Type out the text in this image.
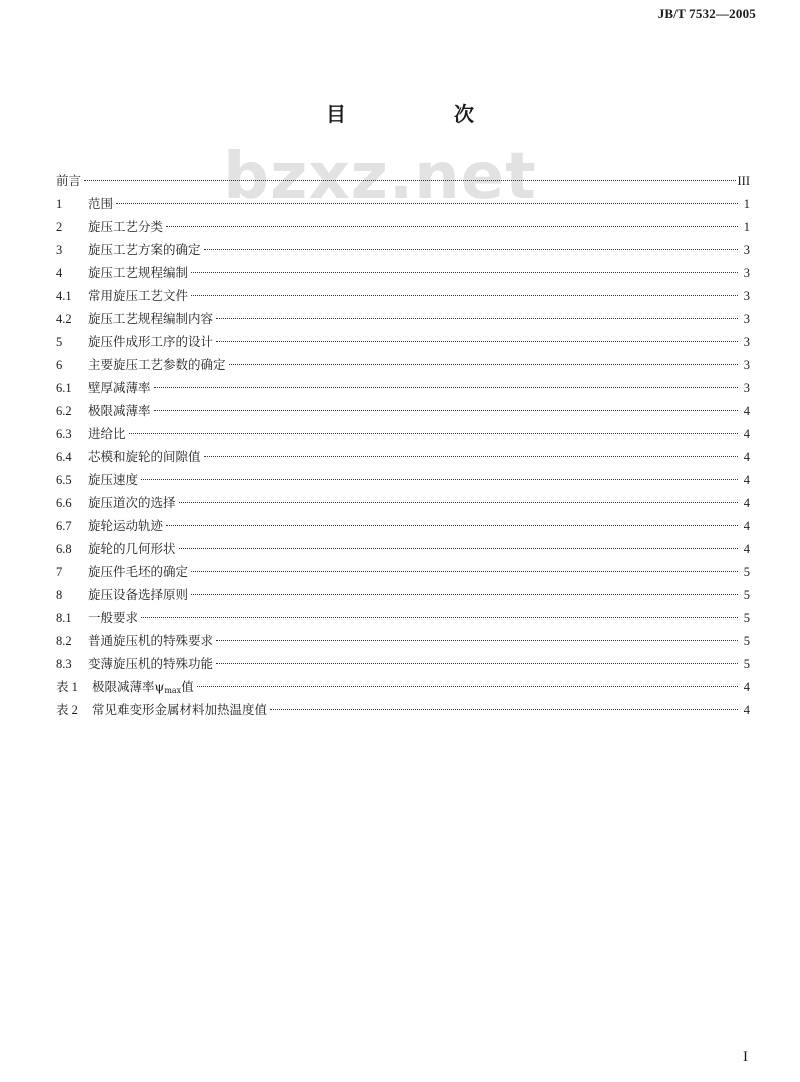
JB/T 7532—2005
bzxz.net
目　次
前言	III
1	范围	1
2	旋压工艺分类	1
3	旋压工艺方案的确定	3
4	旋压工艺规程编制	3
4.1	常用旋压工艺文件	3
4.2	旋压工艺规程编制内容	3
5	旋压件成形工序的设计	3
6	主要旋压工艺参数的确定	3
6.1	壁厚减薄率	3
6.2	极限减薄率	4
6.3	进给比	4
6.4	芯模和旋轮的间隙值	4
6.5	旋压速度	4
6.6	旋压道次的选择	4
6.7	旋轮运动轨迹	4
6.8	旋轮的几何形状	4
7	旋压件毛坯的确定	5
8	旋压设备选择原则	5
8.1	一般要求	5
8.2	普通旋压机的特殊要求	5
8.3	变薄旋压机的特殊功能	5
表 1	极限减薄率$\psi_{max}$值	4
表 2	常见难变形金属材料加热温度值	4
I
